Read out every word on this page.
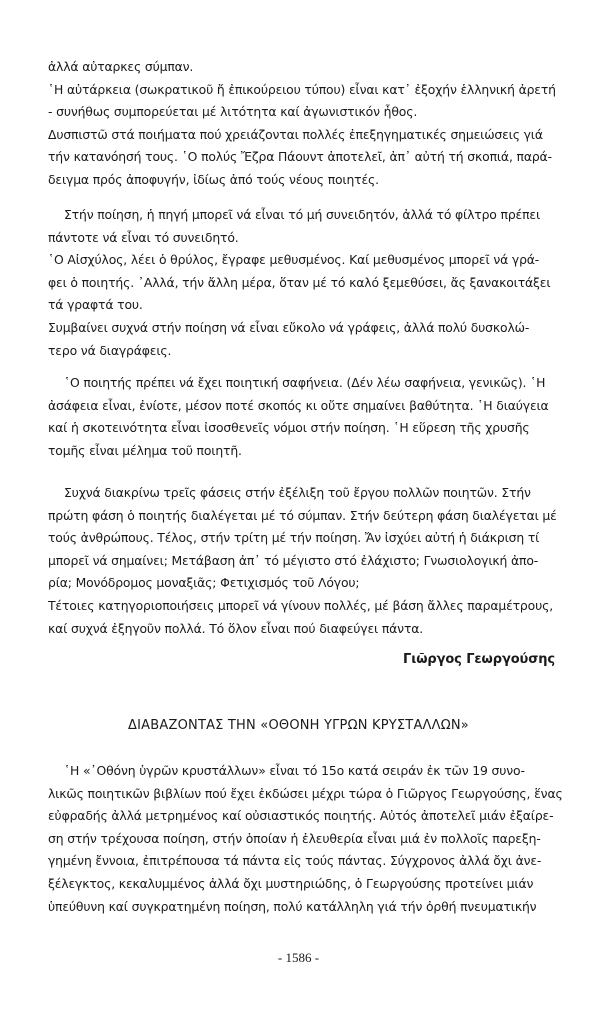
ἀλλά αὐταρκες σύμπαν.
῾Η αὐτάρκεια (σωκρατικοῦ ἤ ἐπικούρειου τύπου) εἶναι κατ᾽ ἐξοχήν ἑλληνική ἀρετή
- συνήθως συμπορεύεται μέ λιτότητα καί ἀγωνιστικόν ἦθος.
Δυσπιστῶ στά ποιήματα πού χρειάζονται πολλές ἐπεξηγηματικές σημειώσεις γιά
τήν κατανόησή τους. ῾Ο πολύς Ἔζρα Πάουντ ἀποτελεῖ, ἀπ᾽ αὐτή τή σκοπιά, παρά-
δειγμα πρός ἀποφυγήν, ἰδίως ἀπό τούς νέους ποιητές.
Στήν ποίηση, ἡ πηγή μπορεῖ νά εἶναι τό μή συνειδητόν, ἀλλά τό φίλτρο πρέπει
πάντοτε νά εἶναι τό συνειδητό.
῾Ο Αἰσχύλος, λέει ὁ θρύλος, ἔγραφε μεθυσμένος. Καί μεθυσμένος μπορεῖ νά γρά-
φει ὁ ποιητής. ᾽Αλλά, τήν ἄλλη μέρα, ὅταν μέ τό καλό ξεμεθύσει, ἄς ξανακοιτάξει
τά γραφτά του.
Συμβαίνει συχνά στήν ποίηση νά εἶναι εὔκολο νά γράφεις, ἀλλά πολύ δυσκολώ-
τερο νά διαγράφεις.
῾Ο ποιητής πρέπει νά ἔχει ποιητική σαφήνεια. (Δέν λέω σαφήνεια, γενικῶς). ῾Η
ἀσάφεια εἶναι, ἐνίοτε, μέσον ποτέ σκοπός κι οὔτε σημαίνει βαθύτητα. ῾Η διαύγεια
καί ἡ σκοτεινότητα εἶναι ἰσοσθενεῖς νόμοι στήν ποίηση. ῾Η εὕρεση τῆς χρυσῆς
τομῆς εἶναι μέλημα τοῦ ποιητῆ.
Συχνά διακρίνω τρεῖς φάσεις στήν ἐξέλιξη τοῦ ἔργου πολλῶν ποιητῶν. Στήν
πρώτη φάση ὁ ποιητής διαλέγεται μέ τό σύμπαν. Στήν δεύτερη φάση διαλέγεται μέ
τούς ἀνθρώπους. Τέλος, στήν τρίτη μέ τήν ποίηση. Ἄν ἰσχύει αὐτή ἡ διάκριση τί
μπορεῖ νά σημαίνει; Μετάβαση ἀπ᾽ τό μέγιστο στό ἐλάχιστο; Γνωσιολογική ἀπο-
ρία; Μονόδρομος μοναξιᾶς; Φετιχισμός τοῦ Λόγου;
Τέτοιες κατηγοριοποιήσεις μπορεῖ νά γίνουν πολλές, μέ βάση ἄλλες παραμέτρους,
καί συχνά ἐξηγοῦν πολλά. Τό ὅλον εἶναι πού διαφεύγει πάντα.
Γιῶργος Γεωργούσης
ΔΙΑΒΑΖΟΝΤΑΣ ΤΗΝ «ΟΘΟΝΗ ΥΓΡΩΝ ΚΡΥΣΤΑΛΛΩΝ»
῾Η «᾽Οθόνη ὑγρῶν κρυστάλλων» εἶναι τό 15ο κατά σειράν ἐκ τῶν 19 συνο-
λικῶς ποιητικῶν βιβλίων πού ἔχει ἐκδώσει μέχρι τώρα ὁ Γιῶργος Γεωργούσης, ἕνας
εὐφραδής ἀλλά μετρημένος καί οὐσιαστικός ποιητής. Αὐτός ἀποτελεῖ μιάν ἐξαίρε-
ση στήν τρέχουσα ποίηση, στήν ὁποίαν ἡ ἐλευθερία εἶναι μιά ἐν πολλοῖς παρεξη-
γημένη ἔννοια, ἐπιτρέπουσα τά πάντα εἰς τούς πάντας. Σύγχρονος ἀλλά ὄχι ἀνε-
ξέλεγκτος, κεκαλυμμένος ἀλλά ὄχι μυστηριώδης, ὁ Γεωργούσης προτείνει μιάν
ὑπεύθυνη καί συγκρατημένη ποίηση, πολύ κατάλληλη γιά τήν ὀρθή πνευματικήν
- 1586 -
